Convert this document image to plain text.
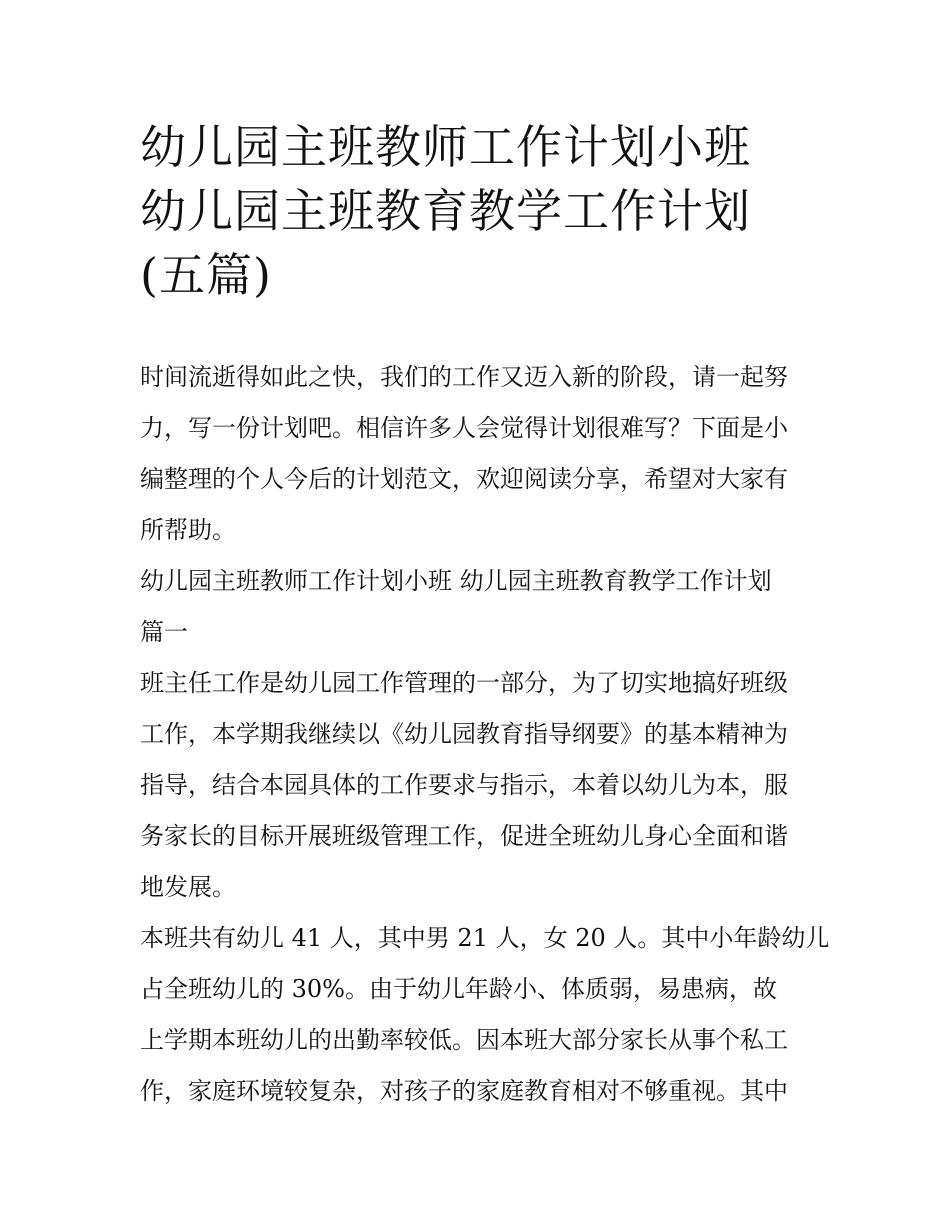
幼儿园主班教师工作计划小班
幼儿园主班教育教学工作计划
(五篇)

时间流逝得如此之快，我们的工作又迈入新的阶段，请一起努
力，写一份计划吧。相信许多人会觉得计划很难写？下面是小
编整理的个人今后的计划范文，欢迎阅读分享，希望对大家有
所帮助。

幼儿园主班教师工作计划小班 幼儿园主班教育教学工作计划
篇一

班主任工作是幼儿园工作管理的一部分，为了切实地搞好班级
工作，本学期我继续以《幼儿园教育指导纲要》的基本精神为
指导，结合本园具体的工作要求与指示，本着以幼儿为本，服
务家长的目标开展班级管理工作，促进全班幼儿身心全面和谐
地发展。

本班共有幼儿 41 人，其中男 21 人，女 20 人。其中小年龄幼儿
占全班幼儿的 30%。由于幼儿年龄小、体质弱，易患病，故
上学期本班幼儿的出勤率较低。因本班大部分家长从事个私工
作，家庭环境较复杂，对孩子的家庭教育相对不够重视。其中
